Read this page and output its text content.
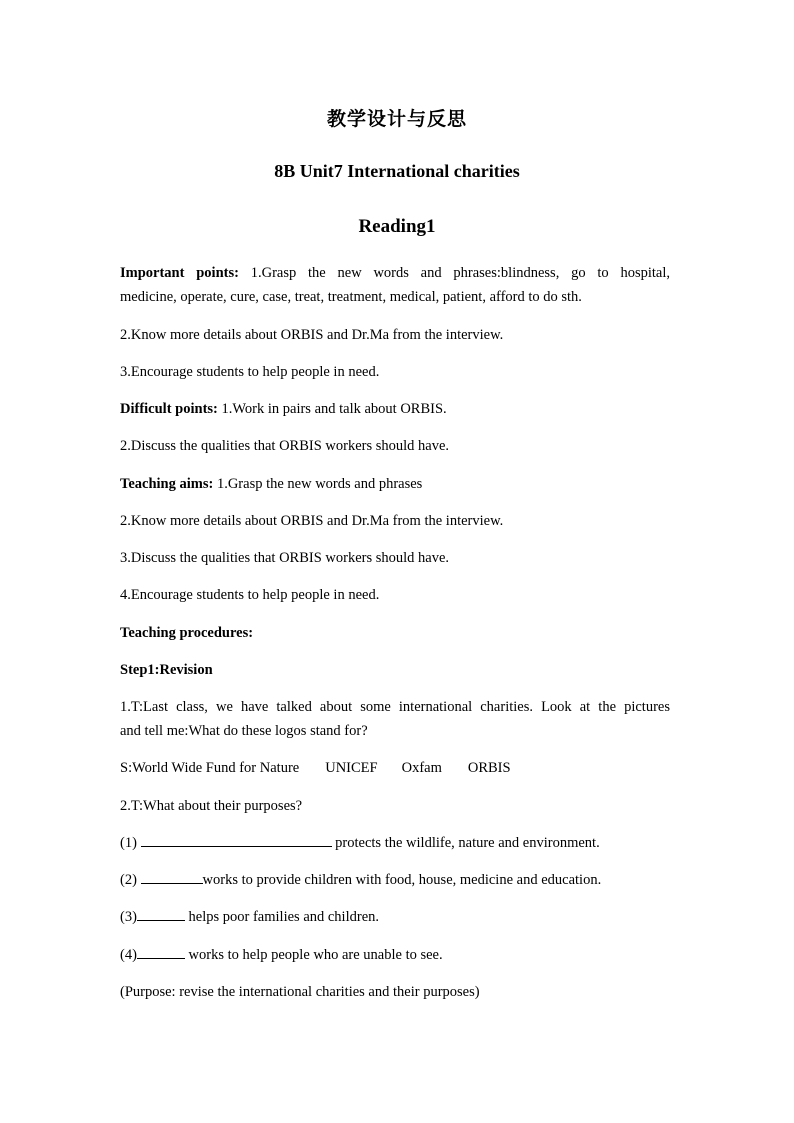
教学设计与反思
8B Unit7 International charities
Reading1
Important points: 1.Grasp the new words and phrases:blindness, go to hospital,
medicine, operate, cure, case, treat, treatment, medical, patient, afford to do sth.
2.Know more details about ORBIS and Dr.Ma from the interview.
3.Encourage students to help people in need.
Difficult points: 1.Work in pairs and talk about ORBIS.
2.Discuss the qualities that ORBIS workers should have.
Teaching aims: 1.Grasp the new words and phrases
2.Know more details about ORBIS and Dr.Ma from the interview.
3.Discuss the qualities that ORBIS workers should have.
4.Encourage students to help people in need.
Teaching procedures:
Step1:Revision
1.T:Last class, we have talked about some international charities. Look at the pictures
and tell me:What do these logos stand for?
S:World Wide Fund for Nature UNICEF Oxfam ORBIS
2.T:What about their purposes?
(1)	protects the wildlife, nature and environment.
(2)	works to provide children with food, house, medicine and education.
(3)	helps poor families and children.
(4)	works to help people who are unable to see.
(Purpose: revise the international charities and their purposes)
